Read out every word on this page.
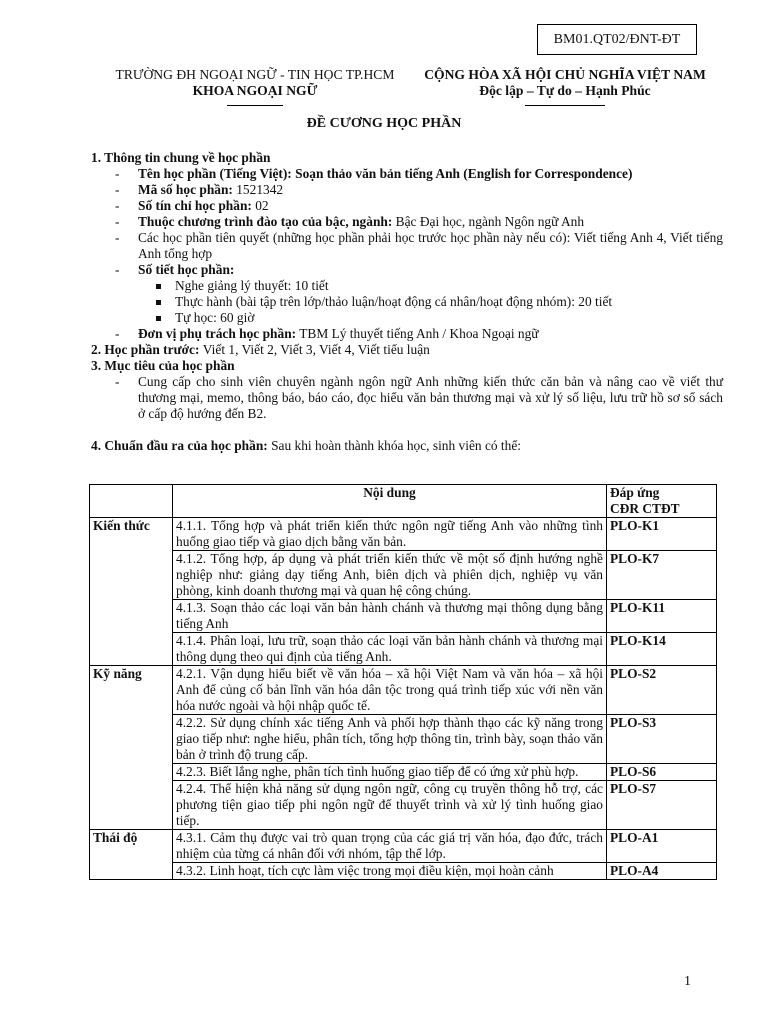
BM01.QT02/ĐNT-ĐT
TRƯỜNG ĐH NGOẠI NGỮ - TIN HỌC TP.HCM
KHOA NGOẠI NGỮ
CỘNG HÒA XÃ HỘI CHỦ NGHĨA VIỆT NAM
Độc lập – Tự do – Hạnh Phúc
ĐỀ CƯƠNG HỌC PHẦN
1. Thông tin chung về học phần
- Tên học phần (Tiếng Việt): Soạn thảo văn bản tiếng Anh (English for Correspondence)
- Mã số học phần: 1521342
- Số tín chỉ học phần: 02
- Thuộc chương trình đào tạo của bậc, ngành: Bậc Đại học, ngành Ngôn ngữ Anh
- Các học phần tiên quyết (những học phần phải học trước học phần này nếu có): Viết tiếng Anh 4, Viết tiếng Anh tổng hợp
- Số tiết học phần:
Nghe giảng lý thuyết: 10 tiết
Thực hành (bài tập trên lớp/thảo luận/hoạt động cá nhân/hoạt động nhóm): 20 tiết
Tự học: 60 giờ
- Đơn vị phụ trách học phần: TBM Lý thuyết tiếng Anh / Khoa Ngoại ngữ
2. Học phần trước: Viết 1, Viết 2, Viết 3, Viết 4, Viết tiểu luận
3. Mục tiêu của học phần
- Cung cấp cho sinh viên chuyên ngành ngôn ngữ Anh những kiến thức căn bản và nâng cao về viết thư thương mại, memo, thông báo, báo cáo, đọc hiểu văn bản thương mại và xử lý số liệu, lưu trữ hồ sơ sổ sách ở cấp độ hướng đến B2.
4. Chuẩn đầu ra của học phần: Sau khi hoàn thành khóa học, sinh viên có thể:
	Nội dung	Đáp ứng
CĐR CTĐT
Kiến thức	4.1.1. Tổng hợp và phát triển kiến thức ngôn ngữ tiếng Anh vào những tình huống giao tiếp và giao dịch bằng văn bản.	PLO-K1
	4.1.2. Tổng hợp, áp dụng và phát triển kiến thức về một số định hướng nghề nghiệp như: giảng dạy tiếng Anh, biên dịch và phiên dịch, nghiệp vụ văn phòng, kinh doanh thương mại và quan hệ công chúng.	PLO-K7
	4.1.3. Soạn thảo các loại văn bản hành chánh và thương mại thông dụng bằng tiếng Anh	PLO-K11
	4.1.4. Phân loại, lưu trữ, soạn thảo các loại văn bản hành chánh và thương mại thông dụng theo qui định của tiếng Anh.	PLO-K14
Kỹ năng	4.2.1. Vận dụng hiểu biết về văn hóa – xã hội Việt Nam và văn hóa – xã hội Anh để củng cố bản lĩnh văn hóa dân tộc trong quá trình tiếp xúc với nền văn hóa nước ngoài và hội nhập quốc tế.	PLO-S2
	4.2.2. Sử dụng chính xác tiếng Anh và phối hợp thành thạo các kỹ năng trong giao tiếp như: nghe hiểu, phân tích, tổng hợp thông tin, trình bày, soạn thảo văn bản ở trình độ trung cấp.	PLO-S3
	4.2.3. Biết lắng nghe, phân tích tình huống giao tiếp để có ứng xử phù hợp.	PLO-S6
	4.2.4. Thể hiện khả năng sử dụng ngôn ngữ, công cụ truyền thông hỗ trợ, các phương tiện giao tiếp phi ngôn ngữ để thuyết trình và xử lý tình huống giao tiếp.	PLO-S7
Thái độ	4.3.1. Cảm thụ được vai trò quan trọng của các giá trị văn hóa, đạo đức, trách nhiệm của từng cá nhân đối với nhóm, tập thể lớp.	PLO-A1
	4.3.2. Linh hoạt, tích cực làm việc trong mọi điều kiện, mọi hoàn cảnh	PLO-A4
1
